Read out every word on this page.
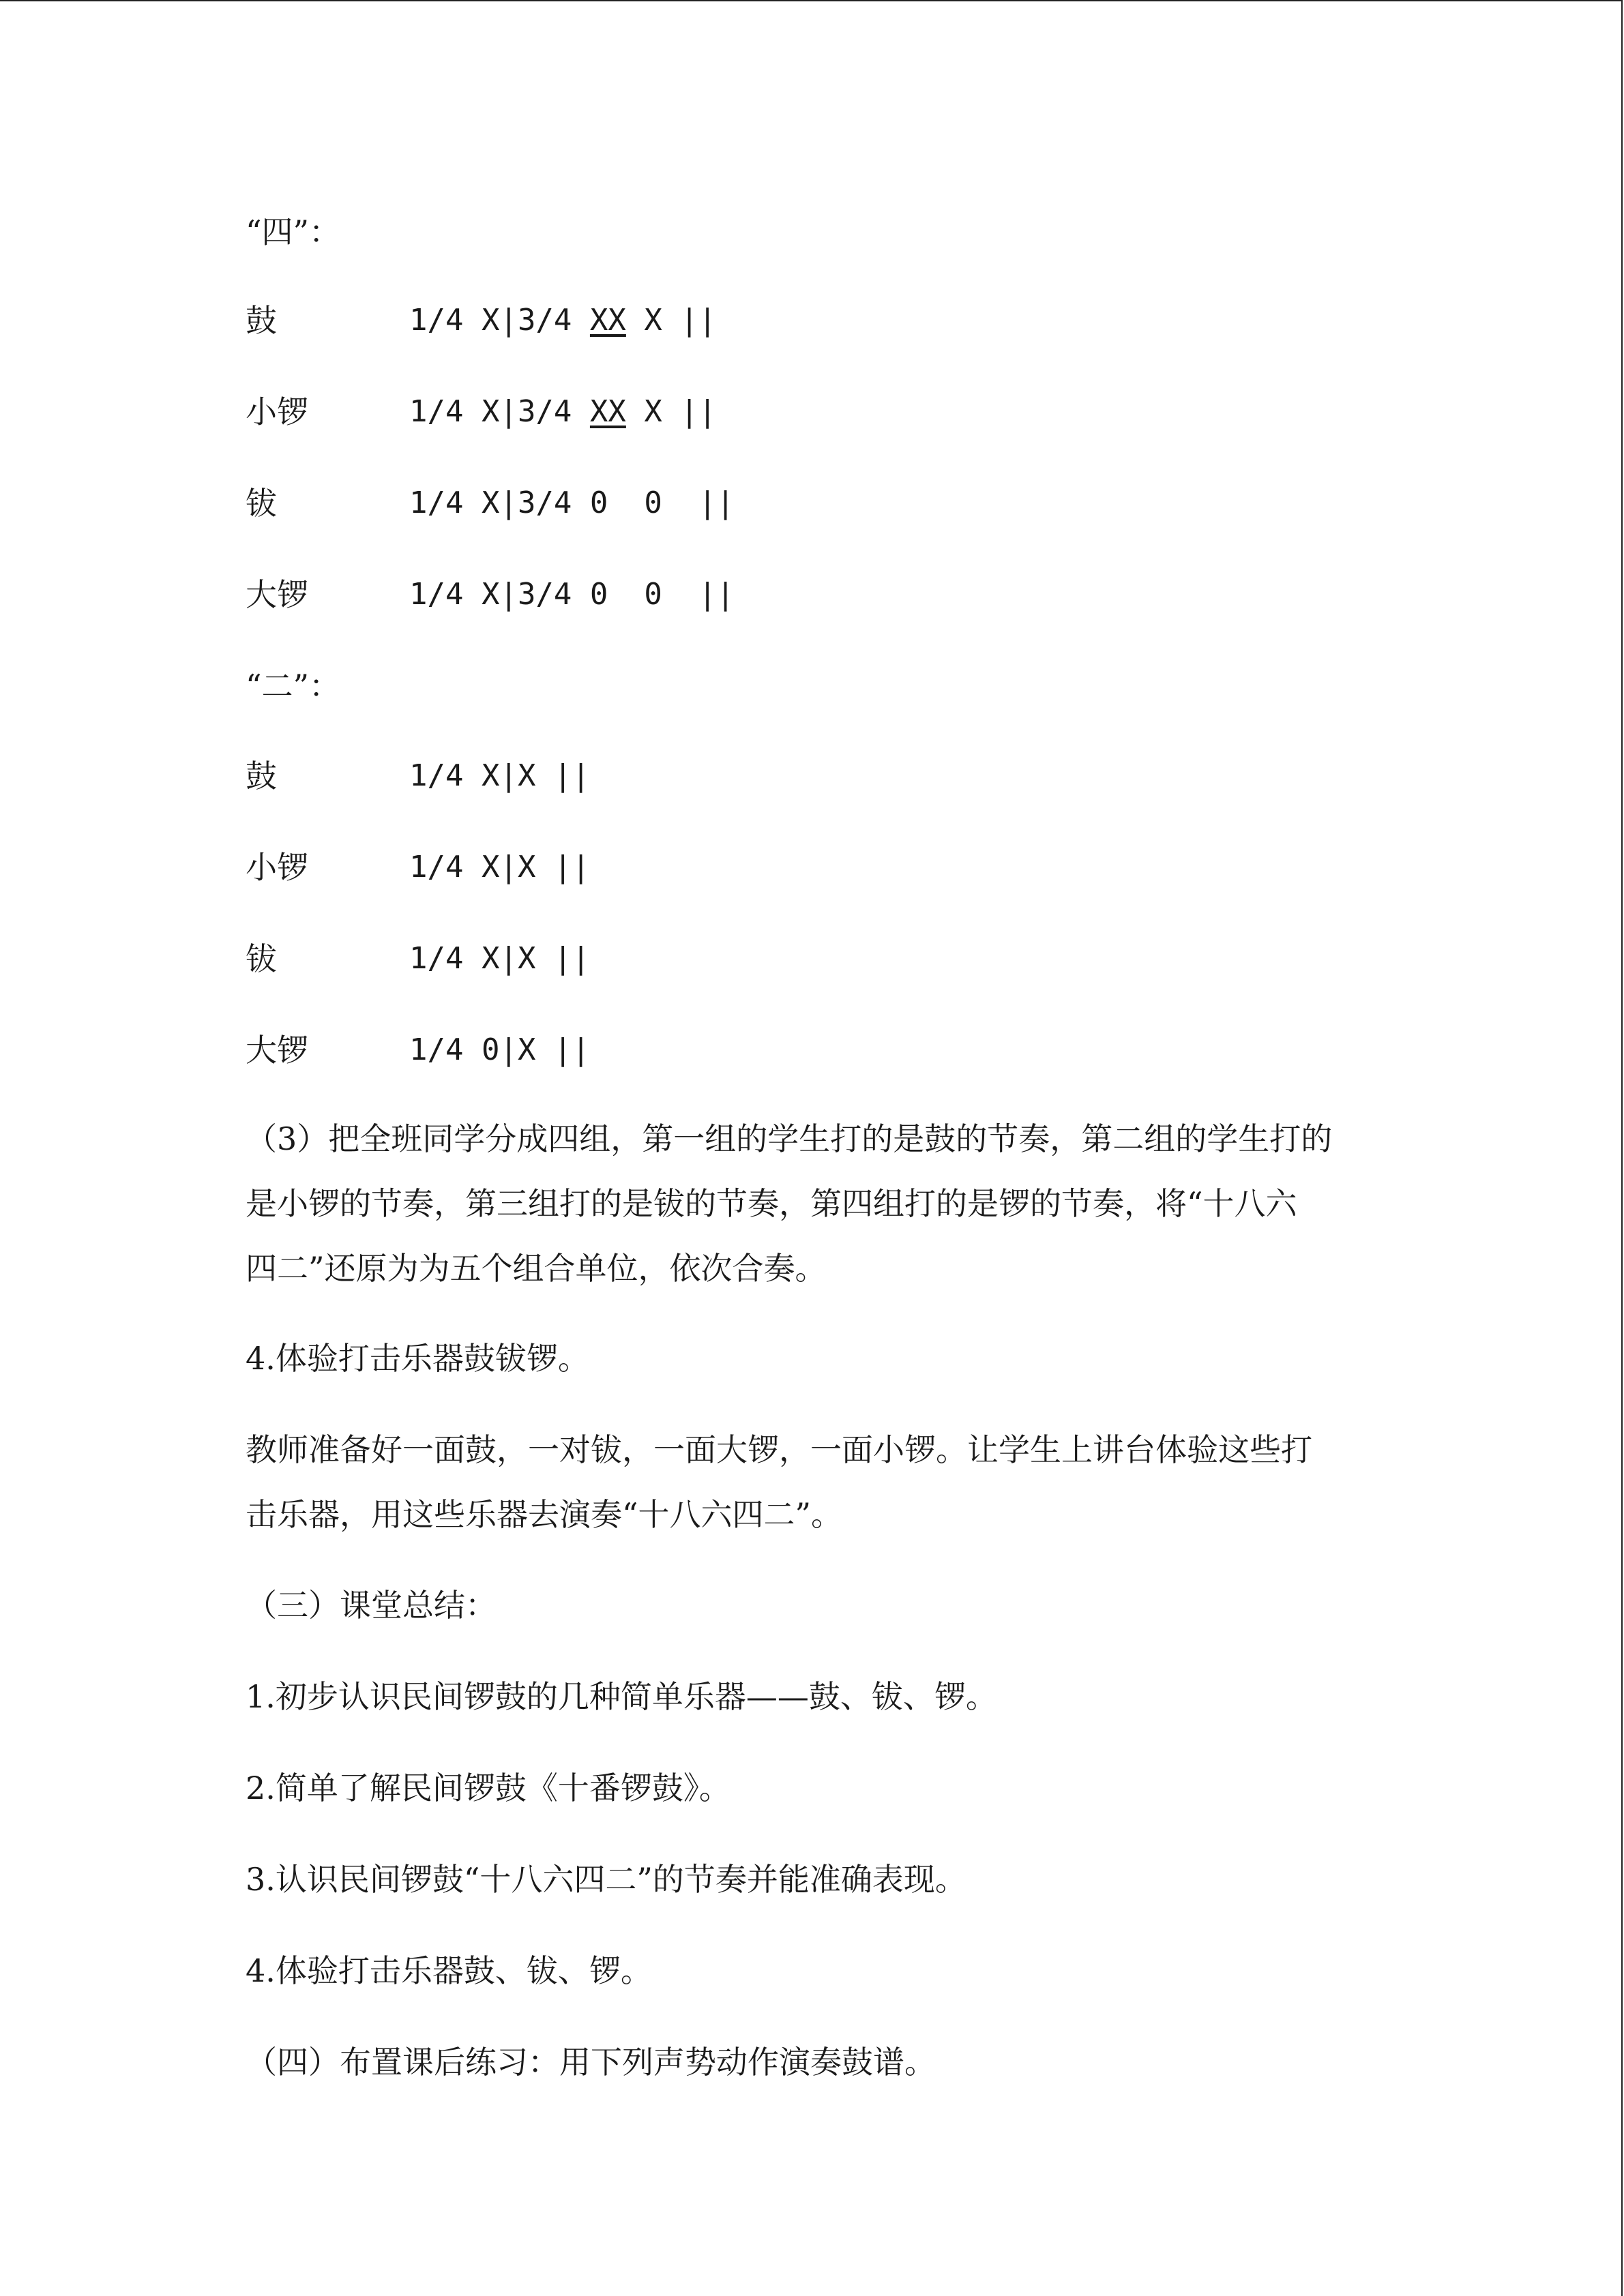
“四”：
鼓	1/4 X|3/4 XX X ||
小锣	1/4 X|3/4 XX X ||
钹	1/4 X|3/4 0  0  ||
大锣	1/4 X|3/4 0  0  ||
“二”：
鼓	1/4 X|X ||
小锣	1/4 X|X ||
钹	1/4 X|X ||
大锣	1/4 0|X ||
（3）把全班同学分成四组，第一组的学生打的是鼓的节奏，第二组的学生打的
是小锣的节奏，第三组打的是钹的节奏，第四组打的是锣的节奏，将“十八六
四二”还原为为五个组合单位，依次合奏。
4.体验打击乐器鼓钹锣。
教师准备好一面鼓，一对钹，一面大锣，一面小锣。让学生上讲台体验这些打
击乐器，用这些乐器去演奏“十八六四二”。
（三）课堂总结：
1.初步认识民间锣鼓的几种简单乐器——鼓、钹、锣。
2.简单了解民间锣鼓《十番锣鼓》。
3.认识民间锣鼓“十八六四二”的节奏并能准确表现。
4.体验打击乐器鼓、钹、锣。
（四）布置课后练习：用下列声势动作演奏鼓谱。
